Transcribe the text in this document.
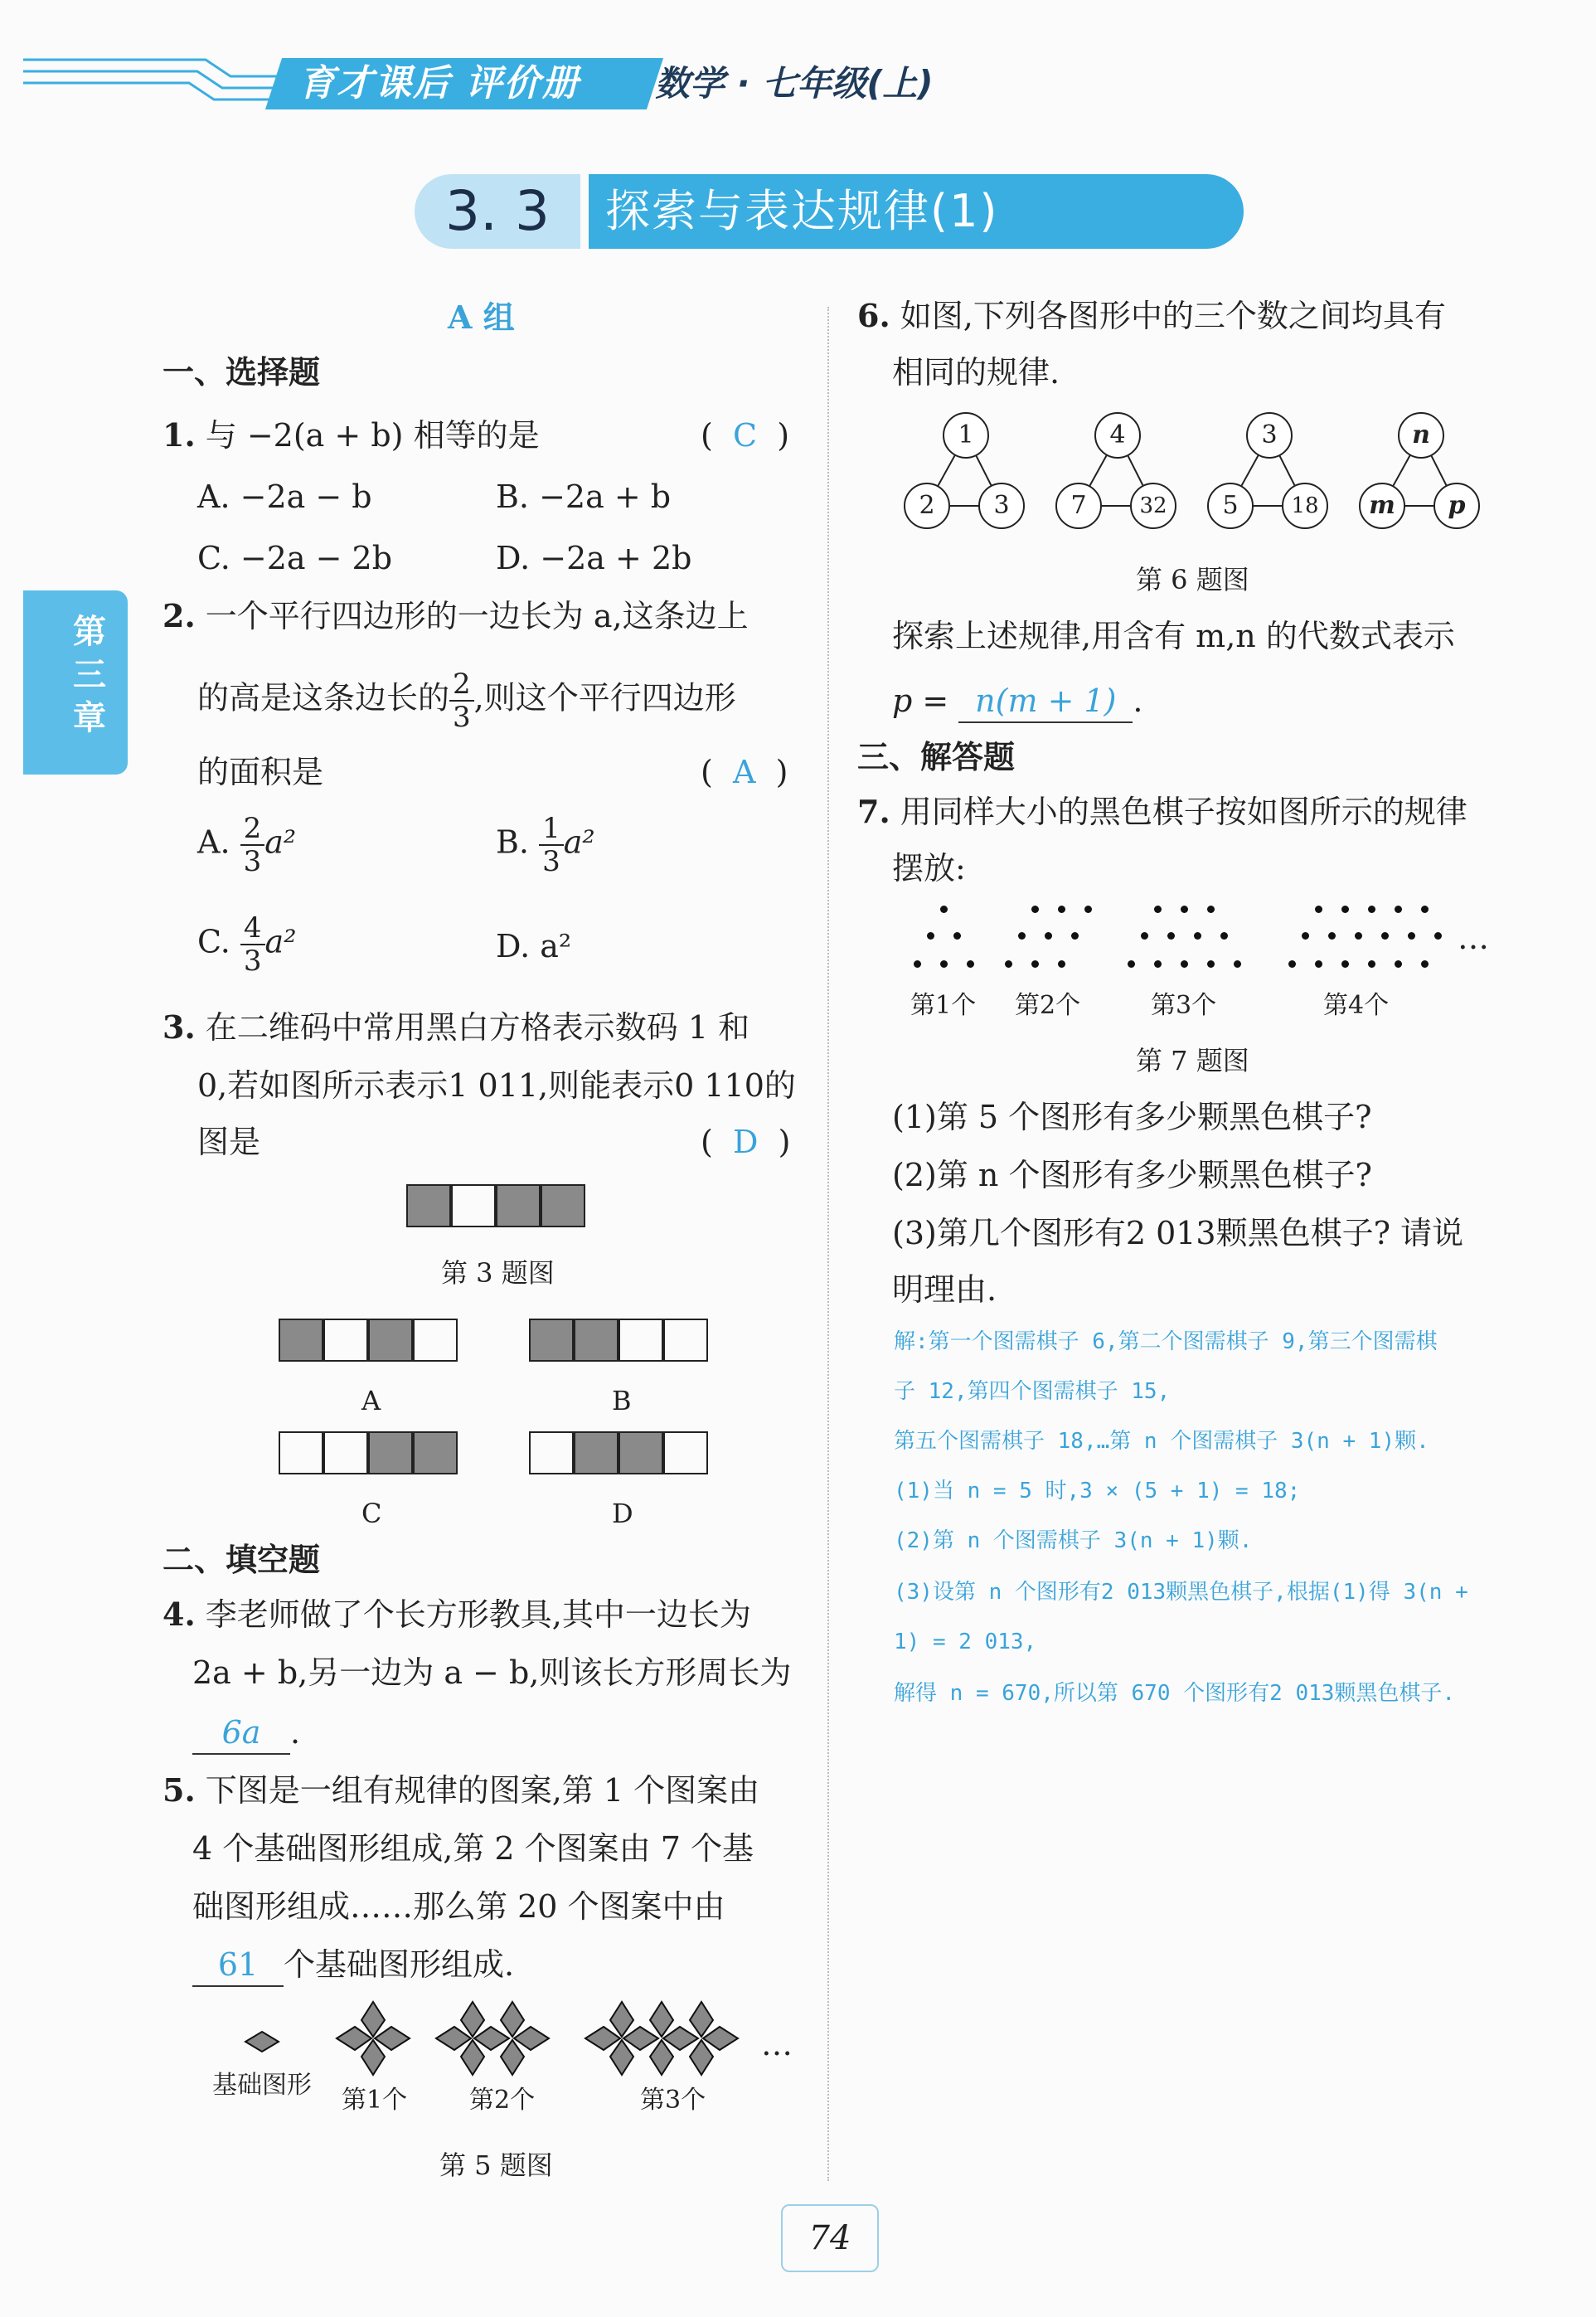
育才课后 评价册	数学 · 七年级(上)
3. 3	探索与表达规律(1)
第三章
A 组
一、选择题
1. 与 −2(a + b) 相等的是	(  C  )
A. −2a − b	B. −2a + b
C. −2a − 2b	D. −2a + 2b
2. 一个平行四边形的一边长为 a,这条边上
的高是这条边长的 $\frac{2}{3}$ ,则这个平行四边形
的面积是	(  A  )
A. $\frac{2}{3} a^2$	B. $\frac{1}{3} a^2$
C. $\frac{4}{3} a^2$	D. a²
3. 在二维码中常用黑白方格表示数码 1 和
0,若如图所示表示1 011,则能表示0 110的
图是	(  D  )
第 3 题图
A	B
C	D
二、填空题
4. 李老师做了个长方形教具,其中一边长为
2a + b,另一边为 a − b,则该长方形周长为
6a .
5. 下图是一组有规律的图案,第 1 个图案由
4 个基础图形组成,第 2 个图案由 7 个基
础图形组成……那么第 20 个图案中由
61 个基础图形组成.
…
基础图形
第1个 第2个	第3个
第 5 题图
6. 如图,下列各图形中的三个数之间均具有
相同的规律.
1
2	3
4
7	32
3
5	18
n
m	p
第 6 题图
探索上述规律,用含有 m,n 的代数式表示
p = n(m + 1) .
三、解答题
7. 用同样大小的黑色棋子按如图所示的规律
摆放:
…
第1个 第2个	第3个	第4个
第 7 题图
(1)第 5 个图形有多少颗黑色棋子?
(2)第 n 个图形有多少颗黑色棋子?
(3)第几个图形有2 013颗黑色棋子? 请说
明理由.
解:第一个图需棋子 6,第二个图需棋子 9,第三个图需棋
子 12,第四个图需棋子 15,
第五个图需棋子 18,…第 n 个图需棋子 3(n + 1)颗.
(1)当 n = 5 时,3 × (5 + 1) = 18;
(2)第 n 个图需棋子 3(n + 1)颗.
(3)设第 n 个图形有2 013颗黑色棋子,根据(1)得 3(n +
1) = 2 013,
解得 n = 670,所以第 670 个图形有2 013颗黑色棋子.
74
